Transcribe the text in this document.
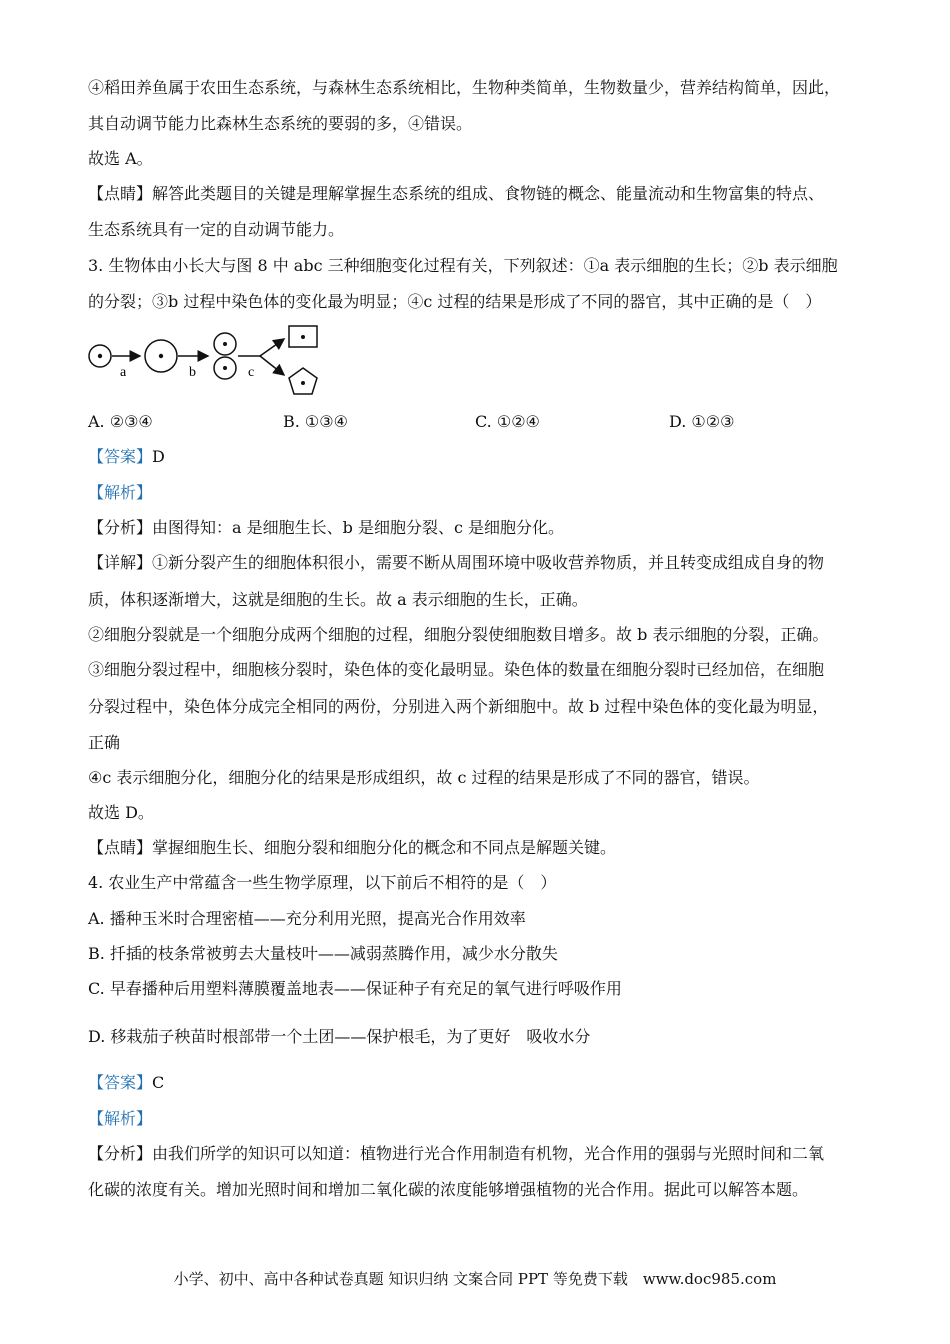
④稻田养鱼属于农田生态系统，与森林生态系统相比，生物种类简单，生物数量少，营养结构简单，因此，
其自动调节能力比森林生态系统的要弱的多，④错误。
故选 A。
【点睛】解答此类题目的关键是理解掌握生态系统的组成、食物链的概念、能量流动和生物富集的特点、
生态系统具有一定的自动调节能力。
3. 生物体由小长大与图 8 中 abc 三种细胞变化过程有关，下列叙述：①a 表示细胞的生长；②b 表示细胞
的分裂；③b 过程中染色体的变化最为明显；④c 过程的结果是形成了不同的器官，其中正确的是（　）
a	b	c
A. ②③④	B. ①③④	C. ①②④	D. ①②③
【答案】D
【解析】
【分析】由图得知：a 是细胞生长、b 是细胞分裂、c 是细胞分化。
【详解】①新分裂产生的细胞体积很小，需要不断从周围环境中吸收营养物质，并且转变成组成自身的物
质，体积逐渐增大，这就是细胞的生长。故 a 表示细胞的生长，正确。
②细胞分裂就是一个细胞分成两个细胞的过程，细胞分裂使细胞数目增多。故 b 表示细胞的分裂，正确。
③细胞分裂过程中，细胞核分裂时，染色体的变化最明显。染色体的数量在细胞分裂时已经加倍，在细胞
分裂过程中，染色体分成完全相同的两份，分别进入两个新细胞中。故 b 过程中染色体的变化最为明显，
正确
④c 表示细胞分化，细胞分化的结果是形成组织，故 c 过程的结果是形成了不同的器官，错误。
故选 D。
【点睛】掌握细胞生长、细胞分裂和细胞分化的概念和不同点是解题关键。
4. 农业生产中常蕴含一些生物学原理，以下前后不相符的是（　）
A. 播种玉米时合理密植——充分利用光照，提高光合作用效率
B. 扦插的枝条常被剪去大量枝叶——减弱蒸腾作用，减少水分散失
C. 早春播种后用塑料薄膜覆盖地表——保证种子有充足的氧气进行呼吸作用
D. 移栽茄子秧苗时根部带一个土团——保护根毛，为了更好　吸收水分
【答案】C
【解析】
【分析】由我们所学的知识可以知道：植物进行光合作用制造有机物，光合作用的强弱与光照时间和二氧
化碳的浓度有关。增加光照时间和增加二氧化碳的浓度能够增强植物的光合作用。据此可以解答本题。
小学、初中、高中各种试卷真题 知识归纳 文案合同 PPT 等免费下载　www.doc985.com
